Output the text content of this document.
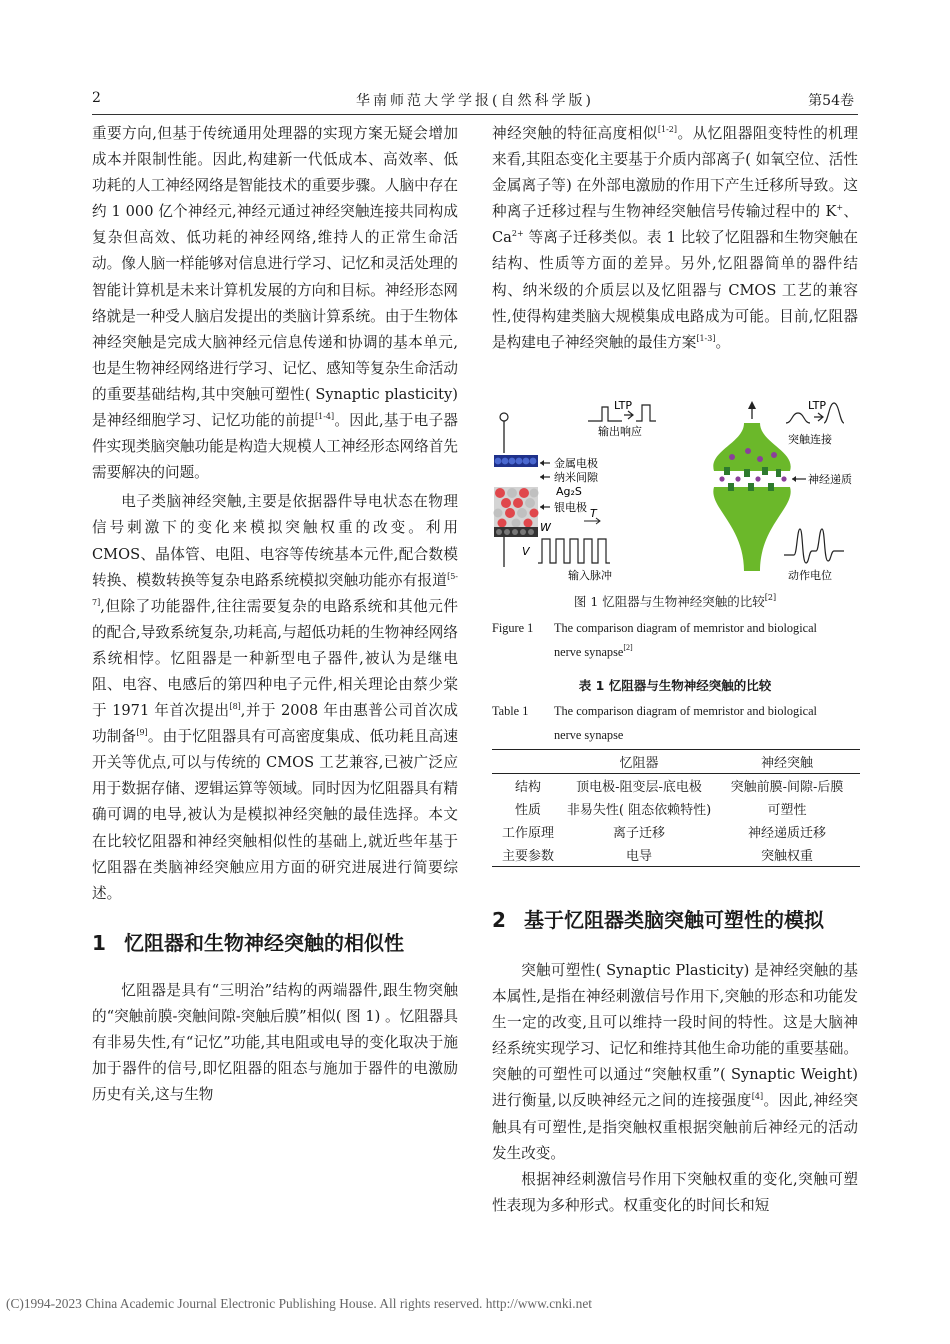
2	华南师范大学学报(自然科学版)	第54卷

重要方向,但基于传统通用处理器的实现方案无疑会增加成本并限制性能。因此,构建新一代低成本、高效率、低功耗的人工神经网络是智能技术的重要步骤。人脑中存在约 1 000 亿个神经元,神经元通过神经突触连接共同构成复杂但高效、低功耗的神经网络,维持人的正常生命活动。像人脑一样能够对信息进行学习、记忆和灵活处理的智能计算机是未来计算机发展的方向和目标。神经形态网络就是一种受人脑启发提出的类脑计算系统。由于生物体神经突触是完成大脑神经元信息传递和协调的基本单元,也是生物神经网络进行学习、记忆、感知等复杂生命活动的重要基础结构,其中突触可塑性( Synaptic plasticity) 是神经细胞学习、记忆功能的前提[1-4]。因此,基于电子器件实现类脑突触功能是构造大规模人工神经形态网络首先需要解决的问题。

电子类脑神经突触,主要是依据器件导电状态在物理信号刺激下的变化来模拟突触权重的改变。利用 CMOS、晶体管、电阻、电容等传统基本元件,配合数模转换、模数转换等复杂电路系统模拟突触功能亦有报道[5-7],但除了功能器件,往往需要复杂的电路系统和其他元件的配合,导致系统复杂,功耗高,与超低功耗的生物神经网络系统相悖。忆阻器是一种新型电子器件,被认为是继电阻、电容、电感后的第四种电子元件,相关理论由蔡少棠于 1971 年首次提出[8],并于 2008 年由惠普公司首次成功制备[9]。由于忆阻器具有可高密度集成、低功耗且高速开关等优点,可以与传统的 CMOS 工艺兼容,已被广泛应用于数据存储、逻辑运算等领域。同时因为忆阻器具有精确可调的电导,被认为是模拟神经突触的最佳选择。本文在比较忆阻器和神经突触相似性的基础上,就近些年基于忆阻器在类脑神经突触应用方面的研究进展进行简要综述。

1 忆阻器和生物神经突触的相似性

忆阻器是具有“三明治”结构的两端器件,跟生物突触的“突触前膜-突触间隙-突触后膜”相似( 图 1) 。忆阻器具有非易失性,有“记忆”功能,其电阻或电导的变化取决于施加于器件的信号,即忆阻器的阻态与施加于器件的电激励历史有关,这与生物

神经突触的特征高度相似[1-2]。从忆阻器阻变特性的机理来看,其阻态变化主要基于介质内部离子( 如氧空位、活性金属离子等) 在外部电激励的作用下产生迁移所导致。这种离子迁移过程与生物神经突触信号传输过程中的 K+、$Ca^{2+}$ 等离子迁移类似。表 1 比较了忆阻器和生物突触在结构、性质等方面的差异。另外,忆阻器简单的器件结构、纳米级的介质层以及忆阻器与 CMOS 工艺的兼容性,使得构建类脑大规模集成电路成为可能。目前,忆阻器是构建电子神经突触的最佳方案[1-3]。

LTP
输出响应
金属电极
纳米间隙
Ag₂S
银电极 T
W
V
输入脉冲
LTP
突触连接
神经递质
动作电位
图 1 忆阻器与生物神经突触的比较[2]
Figure 1 The comparison diagram of memristor and biological
nerve synapse[2]
表 1 忆阻器与生物神经突触的比较
Table 1 The comparison diagram of memristor and biological
nerve synapse
	忆阻器	神经突触
结构	顶电极-阻变层-底电极	突触前膜-间隙-后膜
性质	非易失性( 阻态依赖特性)	可塑性
工作原理	离子迁移	神经递质迁移
主要参数	电导	突触权重
2 基于忆阻器类脑突触可塑性的模拟

突触可塑性( Synaptic Plasticity) 是神经突触的基本属性,是指在神经刺激信号作用下,突触的形态和功能发生一定的改变,且可以维持一段时间的特性。这是大脑神经系统实现学习、记忆和维持其他生命功能的重要基础。突触的可塑性可以通过“突触权重”( Synaptic Weight) 进行衡量,以反映神经元之间的连接强度[4]。因此,神经突触具有可塑性,是指突触权重根据突触前后神经元的活动发生改变。

根据神经刺激信号作用下突触权重的变化,突触可塑性表现为多种形式。权重变化的时间长和短

(C)1994-2023 China Academic Journal Electronic Publishing House. All rights reserved. http://www.cnki.net
